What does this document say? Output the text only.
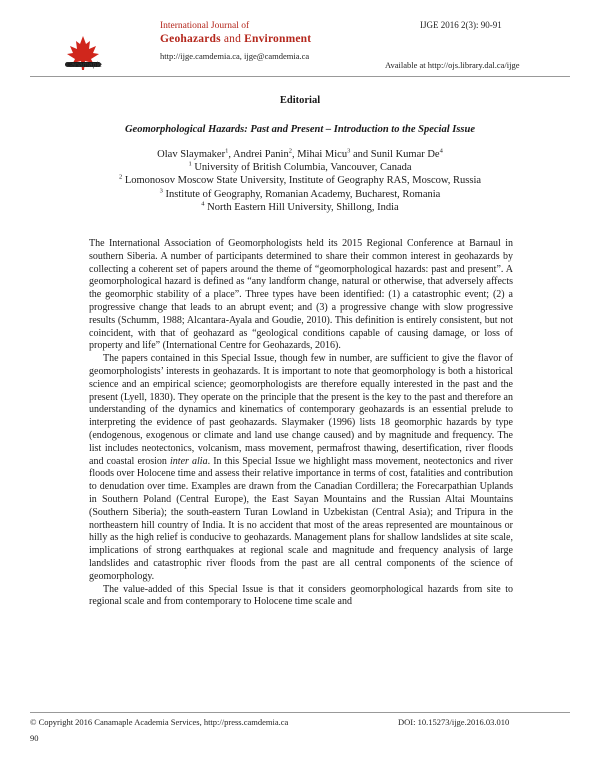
Canamaple
International Journal of
Geohazards and Environment
http://ijge.camdemia.ca, ijge@camdemia.ca
IJGE 2016 2(3): 90-91
Available at http://ojs.library.dal.ca/ijge
Editorial
Geomorphological Hazards: Past and Present – Introduction to the Special Issue
Olav Slaymaker$^1$, Andrei Panin$^2$, Mihai Micu$^3$ and Sunil Kumar De$^4$
$^1$ University of British Columbia, Vancouver, Canada
$^2$ Lomonosov Moscow State University, Institute of Geography RAS, Moscow, Russia
$^3$ Institute of Geography, Romanian Academy, Bucharest, Romania
$^4$ North Eastern Hill University, Shillong, India

The International Association of Geomorphologists held its 2015 Regional Conference at Barnaul in southern Siberia. A number of participants determined to share their common interest in geohazards by collecting a coherent set of papers around the theme of “geomorphological hazards: past and present”. A geomorphological hazard is defined as “any landform change, natural or otherwise, that adversely affects the geomorphic stability of a place”. Three types have been identified: (1) a catastrophic event; (2) a progressive change that leads to an abrupt event; and (3) a progressive change with slow progressive results (Schumm, 1988; Alcantara-Ayala and Goudie, 2010). This definition is entirely consistent, but not coincident, with that of geohazard as “geological conditions capable of causing damage, or loss of property and life” (International Centre for Geohazards, 2016).

The papers contained in this Special Issue, though few in number, are sufficient to give the flavor of geomorphologists’ interests in geohazards. It is important to note that geomorphology is both a historical science and an empirical science; geomorphologists are therefore equally interested in the past and the present (Lyell, 1830). They operate on the principle that the present is the key to the past and therefore an understanding of the dynamics and kinematics of contemporary geohazards is an essential prelude to interpreting the evidence of past geohazards. Slaymaker (1996) lists 18 geomorphic hazards by type (endogenous, exogenous or climate and land use change caused) and by magnitude and frequency. The list includes neotectonics, volcanism, mass movement, permafrost thawing, desertification, river floods and coastal erosion inter alia. In this Special Issue we highlight mass movement, neotectonics and river floods over Holocene time and assess their relative importance in terms of cost, fatalities and contribution to denudation over time. Examples are drawn from the Canadian Cordillera; the Forecarpathian Uplands in Southern Poland (Central Europe), the East Sayan Mountains and the Russian Altai Mountains (Southern Siberia); the south-eastern Turan Lowland in Uzbekistan (Central Asia); and Tripura in the northeastern hill country of India. It is no accident that most of the areas represented are mountainous or hilly as the high relief is conducive to geohazards. Management plans for shallow landslides at site scale, implications of strong earthquakes at regional scale and magnitude and frequency analysis of large landslides and catastrophic river floods from the past are all central components of the science of geomorphology.

The value-added of this Special Issue is that it considers geomorphological hazards from site to regional scale and from contemporary to Holocene time scale and

© Copyright 2016 Canamaple Academia Services, http://press.camdemia.ca	DOI: 10.15273/ijge.2016.03.010
90
